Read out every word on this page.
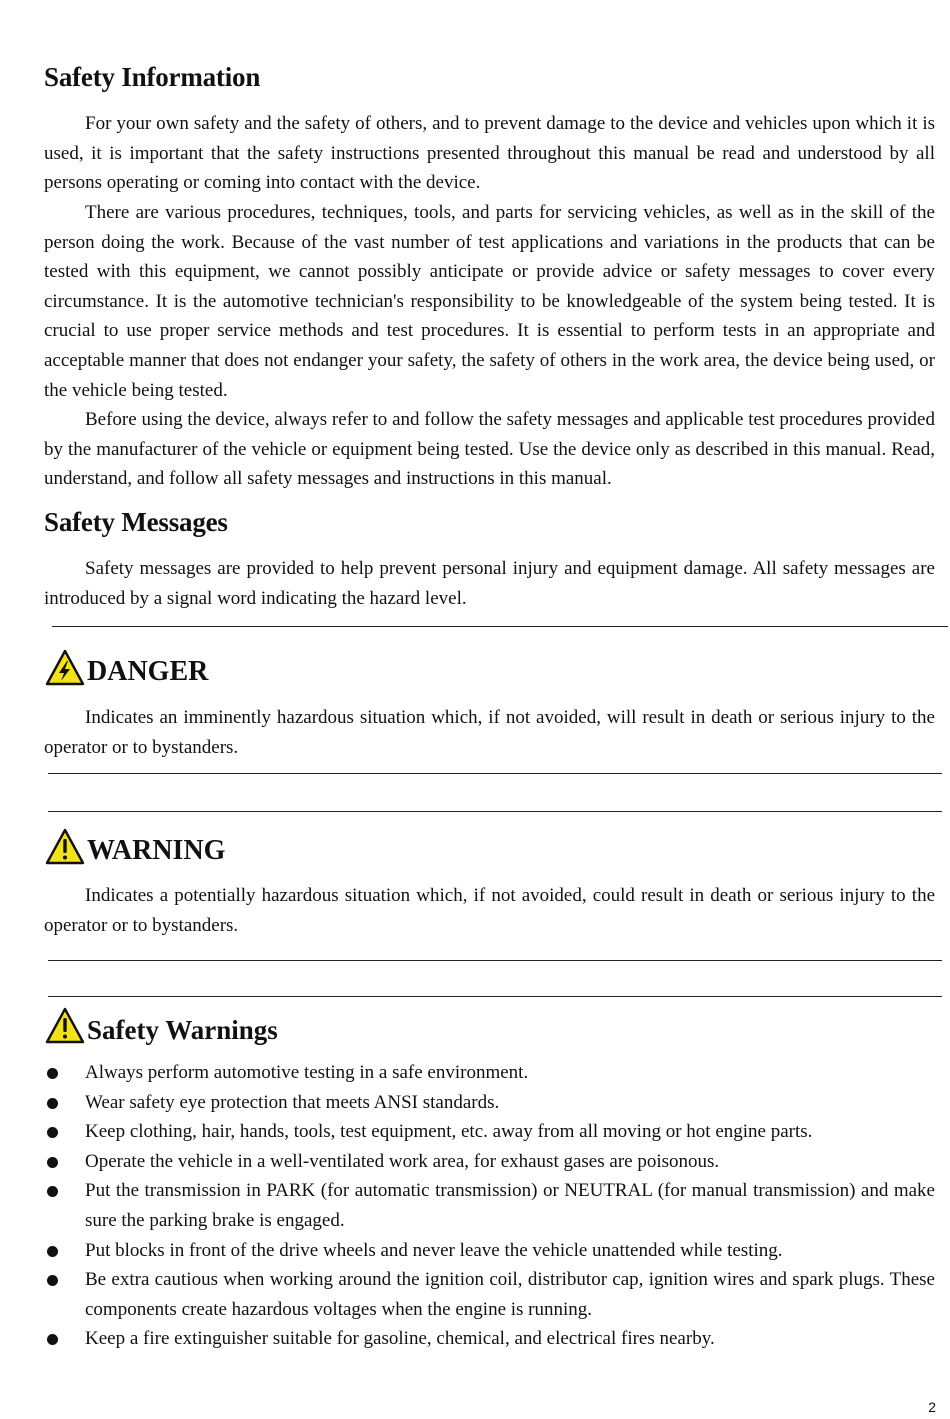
Safety Information

For your own safety and the safety of others, and to prevent damage to the device and vehicles upon which it is used, it is important that the safety instructions presented throughout this manual be read and understood by all persons operating or coming into contact with the device.

There are various procedures, techniques, tools, and parts for servicing vehicles, as well as in the skill of the person doing the work. Because of the vast number of test applications and variations in the products that can be tested with this equipment, we cannot possibly anticipate or provide advice or safety messages to cover every circumstance. It is the automotive technician's responsibility to be knowledgeable of the system being tested. It is crucial to use proper service methods and test procedures. It is essential to perform tests in an appropriate and acceptable manner that does not endanger your safety, the safety of others in the work area, the device being used, or the vehicle being tested.

Before using the device, always refer to and follow the safety messages and applicable test procedures provided by the manufacturer of the vehicle or equipment being tested. Use the device only as described in this manual. Read, understand, and follow all safety messages and instructions in this manual.

Safety Messages

Safety messages are provided to help prevent personal injury and equipment damage. All safety messages are introduced by a signal word indicating the hazard level.

DANGER

Indicates an imminently hazardous situation which, if not avoided, will result in death or serious injury to the operator or to bystanders.

WARNING

Indicates a potentially hazardous situation which, if not avoided, could result in death or serious injury to the operator or to bystanders.

Safety Warnings
Always perform automotive testing in a safe environment.
Wear safety eye protection that meets ANSI standards.
Keep clothing, hair, hands, tools, test equipment, etc. away from all moving or hot engine parts.
Operate the vehicle in a well-ventilated work area, for exhaust gases are poisonous.
Put the transmission in PARK (for automatic transmission) or NEUTRAL (for manual transmission) and make sure the parking brake is engaged.
Put blocks in front of the drive wheels and never leave the vehicle unattended while testing.
Be extra cautious when working around the ignition coil, distributor cap, ignition wires and spark plugs. These components create hazardous voltages when the engine is running.
Keep a fire extinguisher suitable for gasoline, chemical, and electrical fires nearby.
2
